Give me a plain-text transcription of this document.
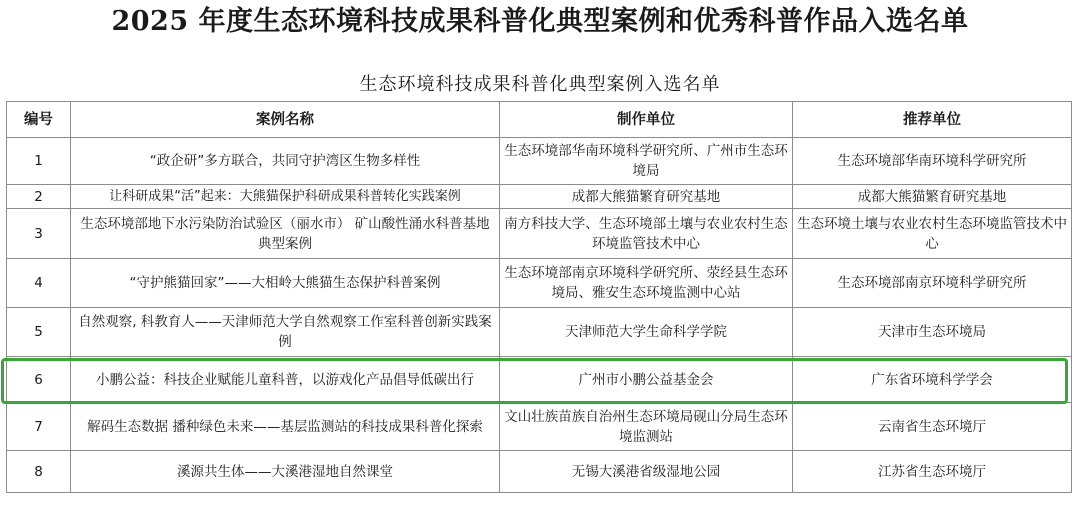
2025 年度生态环境科技成果科普化典型案例和优秀科普作品入选名单
生态环境科技成果科普化典型案例入选名单
编号	案例名称	制作单位	推荐单位
1	“政企研”多方联合，共同守护湾区生物多样性	生态环境部华南环境科学研究所、广州市生态环境局	生态环境部华南环境科学研究所
2	让科研成果“活”起来：大熊猫保护科研成果科普转化实践案例	成都大熊猫繁育研究基地	成都大熊猫繁育研究基地
3	生态环境部地下水污染防治试验区（丽水市） 矿山酸性涌水科普基地典型案例	南方科技大学、生态环境部土壤与农业农村生态环境监管技术中心	生态环境土壤与农业农村生态环境监管技术中心
4	“守护熊猫回家”——大相岭大熊猫生态保护科普案例	生态环境部南京环境科学研究所、荥经县生态环境局、雅安生态环境监测中心站	生态环境部南京环境科学研究所
5	自然观察, 科教育人——天津师范大学自然观察工作室科普创新实践案例	天津师范大学生命科学学院	天津市生态环境局
6	小鹏公益：科技企业赋能儿童科普，以游戏化产品倡导低碳出行	广州市小鹏公益基金会	广东省环境科学学会
7	解码生态数据 播种绿色未来——基层监测站的科技成果科普化探索	文山壮族苗族自治州生态环境局砚山分局生态环境监测站	云南省生态环境厅
8	溪源共生体——大溪港湿地自然课堂	无锡大溪港省级湿地公园	江苏省生态环境厅
